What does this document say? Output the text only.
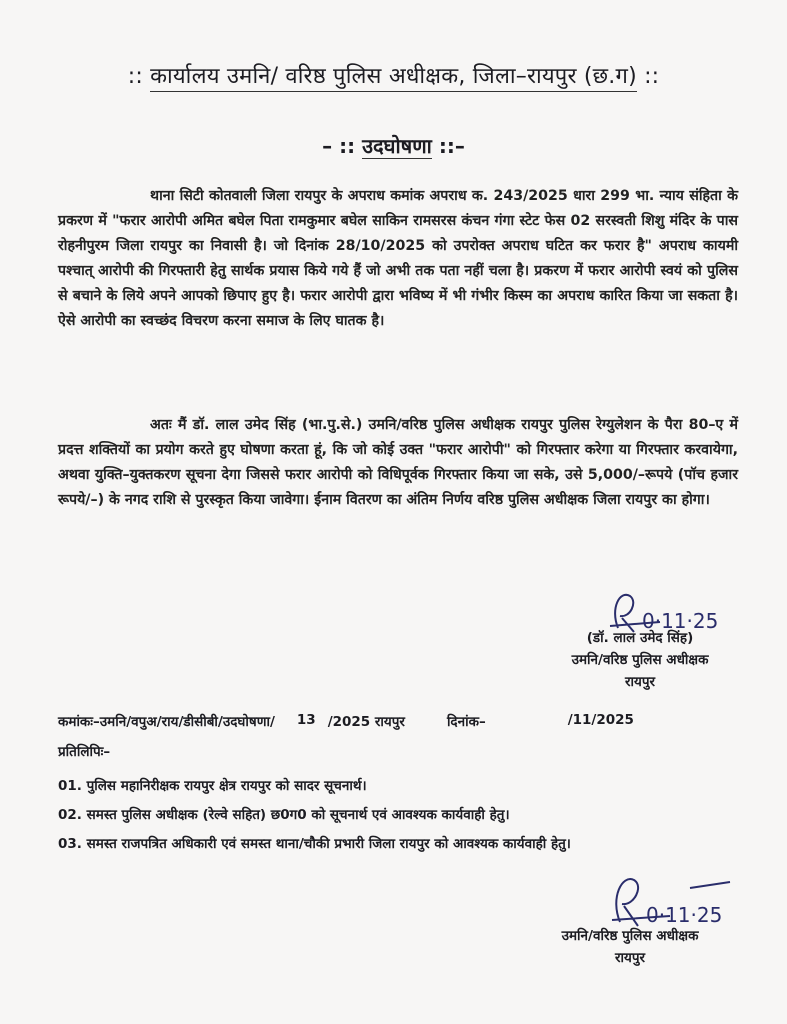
:: कार्यालय उमनि/ वरिष्ठ पुलिस अधीक्षक, जिला–रायपुर (छ.ग) ::
– :: उदघोषणा ::–
थाना सिटी कोतवाली जिला रायपुर के अपराध कमांक अपराध क. 243/2025 धारा 299 भा. न्याय संहिता के प्रकरण में "फरार आरोपी अमित बघेल पिता रामकुमार बघेल साकिन रामसरस कंचन गंगा स्टेट फेस 02 सरस्वती शिशु मंदिर के पास रोहनीपुरम जिला रायपुर का निवासी है। जो दिनांक 28/10/2025 को उपरोक्त अपराध घटित कर फरार है" अपराध कायमी पश्चात् आरोपी की गिरफ्तारी हेतु सार्थक प्रयास किये गये हैं जो अभी तक पता नहीं चला है। प्रकरण में फरार आरोपी स्वयं को पुलिस से बचाने के लिये अपने आपको छिपाए हुए है। फरार आरोपी द्वारा भविष्य में भी गंभीर किस्म का अपराध कारित किया जा सकता है। ऐसे आरोपी का स्वच्छंद विचरण करना समाज के लिए घातक है।
अतः मैं डॉ. लाल उमेद सिंह (भा.पु.से.) उमनि/वरिष्ठ पुलिस अधीक्षक रायपुर पुलिस रेग्युलेशन के पैरा 80–ए में प्रदत्त शक्तियों का प्रयोग करते हुए घोषणा करता हूं, कि जो कोई उक्त "फरार आरोपी" को गिरफ्तार करेगा या गिरफ्तार करवायेगा, अथवा युक्ति–युक्तकरण सूचना देगा जिससे फरार आरोपी को विधिपूर्वक गिरफ्तार किया जा सके, उसे 5,000/–रूपये (पॉच हजार रूपये/–) के नगद राशि से पुरस्कृत किया जावेगा। ईनाम वितरण का अंतिम निर्णय वरिष्ठ पुलिस अधीक्षक जिला रायपुर का होगा।
0·11·25
(डॉ. लाल उमेद सिंह)
उमनि/वरिष्ठ पुलिस अधीक्षक
रायपुर
कमांकः–उमनि/वपुअ/राय/डीसीबी/उदघोषणा/ 13 /2025 रायपुर	दिनांक–	/11/2025
प्रतिलिपिः–
01. पुलिस महानिरीक्षक रायपुर क्षेत्र रायपुर को सादर सूचनार्थ।
02. समस्त पुलिस अधीक्षक (रेल्वे सहित) छ0ग0 को सूचनार्थ एवं आवश्यक कार्यवाही हेतु।
03. समस्त राजपत्रित अधिकारी एवं समस्त थाना/चौकी प्रभारी जिला रायपुर को आवश्यक कार्यवाही हेतु।
0·11·25
उमनि/वरिष्ठ पुलिस अधीक्षक
रायपुर
